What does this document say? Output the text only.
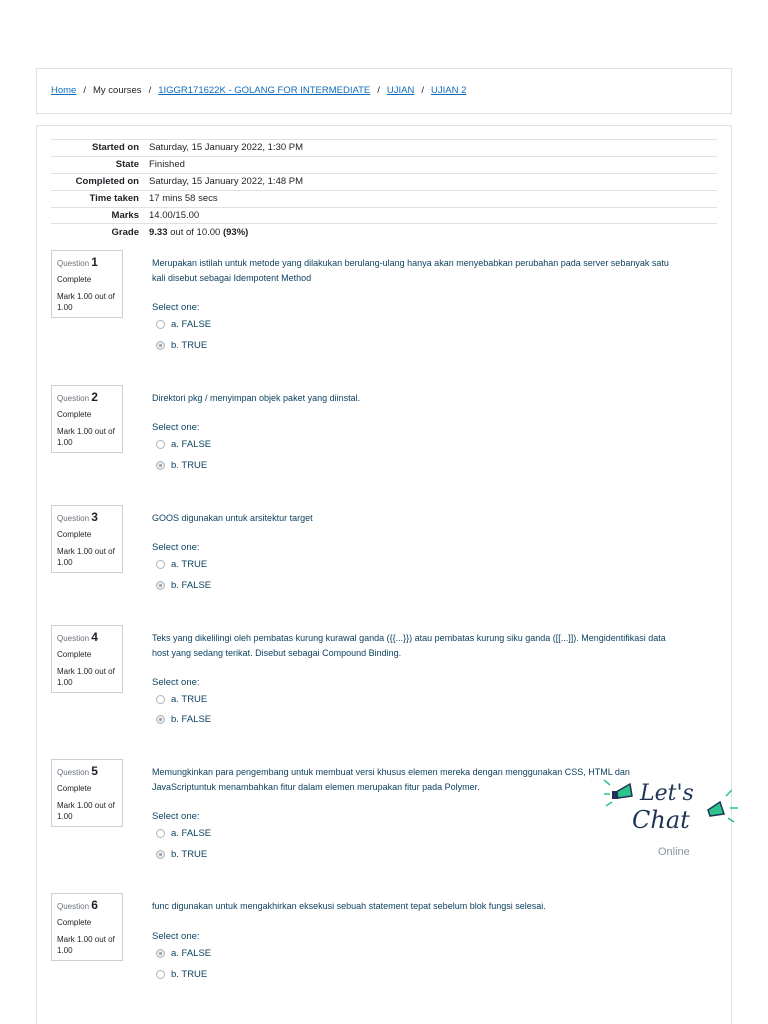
Home / My courses / 1IGGR171622K - GOLANG FOR INTERMEDIATE / UJIAN / UJIAN 2
Started on	Saturday, 15 January 2022, 1:30 PM
State	Finished
Completed on	Saturday, 15 January 2022, 1:48 PM
Time taken	17 mins 58 secs
Marks	14.00/15.00
Grade	9.33 out of 10.00 (93%)
Question 1
Complete
Mark 1.00 out of 1.00
Merupakan istilah untuk metode yang dilakukan berulang-ulang hanya akan menyebabkan perubahan pada server sebanyak satu kali disebut sebagai Idempotent Method
Select one:
a. FALSE
b. TRUE
Question 2
Complete
Mark 1.00 out of 1.00
Direktori pkg / menyimpan objek paket yang diinstal.
Select one:
a. FALSE
b. TRUE
Question 3
Complete
Mark 1.00 out of 1.00
GOOS digunakan untuk arsitektur target
Select one:
a. TRUE
b. FALSE
Question 4
Complete
Mark 1.00 out of 1.00
Teks yang dikelilingi oleh pembatas kurung kurawal ganda ({{...}}) atau pembatas kurung siku ganda ([[...]]). Mengidentifikasi data host yang sedang terikat. Disebut sebagai Compound Binding.
Select one:
a. TRUE
b. FALSE
Question 5
Complete
Mark 1.00 out of 1.00
Memungkinkan para pengembang untuk membuat versi khusus elemen mereka dengan menggunakan CSS, HTML dan JavaScriptuntuk menambahkan fitur dalam elemen merupakan fitur pada Polymer.
Select one:
a. FALSE
b. TRUE
Question 6
Complete
Mark 1.00 out of 1.00
func digunakan untuk mengakhirkan eksekusi sebuah statement tepat sebelum blok fungsi selesai.
Select one:
a. FALSE
b. TRUE
Let's
Chat
Online
